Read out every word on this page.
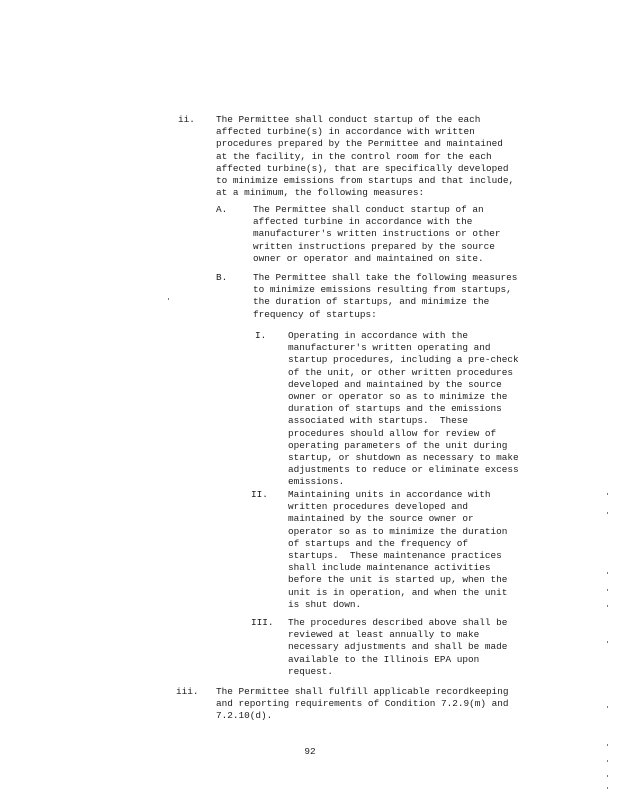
ii. The Permittee shall conduct startup of the each
affected turbine(s) in accordance with written
procedures prepared by the Permittee and maintained
at the facility, in the control room for the each
affected turbine(s), that are specifically developed
to minimize emissions from startups and that include,
at a minimum, the following measures:

A.	The Permittee shall conduct startup of an
affected turbine in accordance with the
manufacturer's written instructions or other
written instructions prepared by the source
owner or operator and maintained on site.

B.	The Permittee shall take the following measures
to minimize emissions resulting from startups,
the duration of startups, and minimize the
frequency of startups:

I. Operating in accordance with the
manufacturer's written operating and
startup procedures, including a pre-check
of the unit, or other written procedures
developed and maintained by the source
owner or operator so as to minimize the
duration of startups and the emissions
associated with startups.  These
procedures should allow for review of
operating parameters of the unit during
startup, or shutdown as necessary to make
adjustments to reduce or eliminate excess
emissions.

II. Maintaining units in accordance with
written procedures developed and
maintained by the source owner or
operator so as to minimize the duration
of startups and the frequency of
startups.  These maintenance practices
shall include maintenance activities
before the unit is started up, when the
unit is in operation, and when the unit
is shut down.

III. The procedures described above shall be
reviewed at least annually to make
necessary adjustments and shall be made
available to the Illinois EPA upon
request.

iii. The Permittee shall fulfill applicable recordkeeping
and reporting requirements of Condition 7.2.9(m) and
7.2.10(d).

92
